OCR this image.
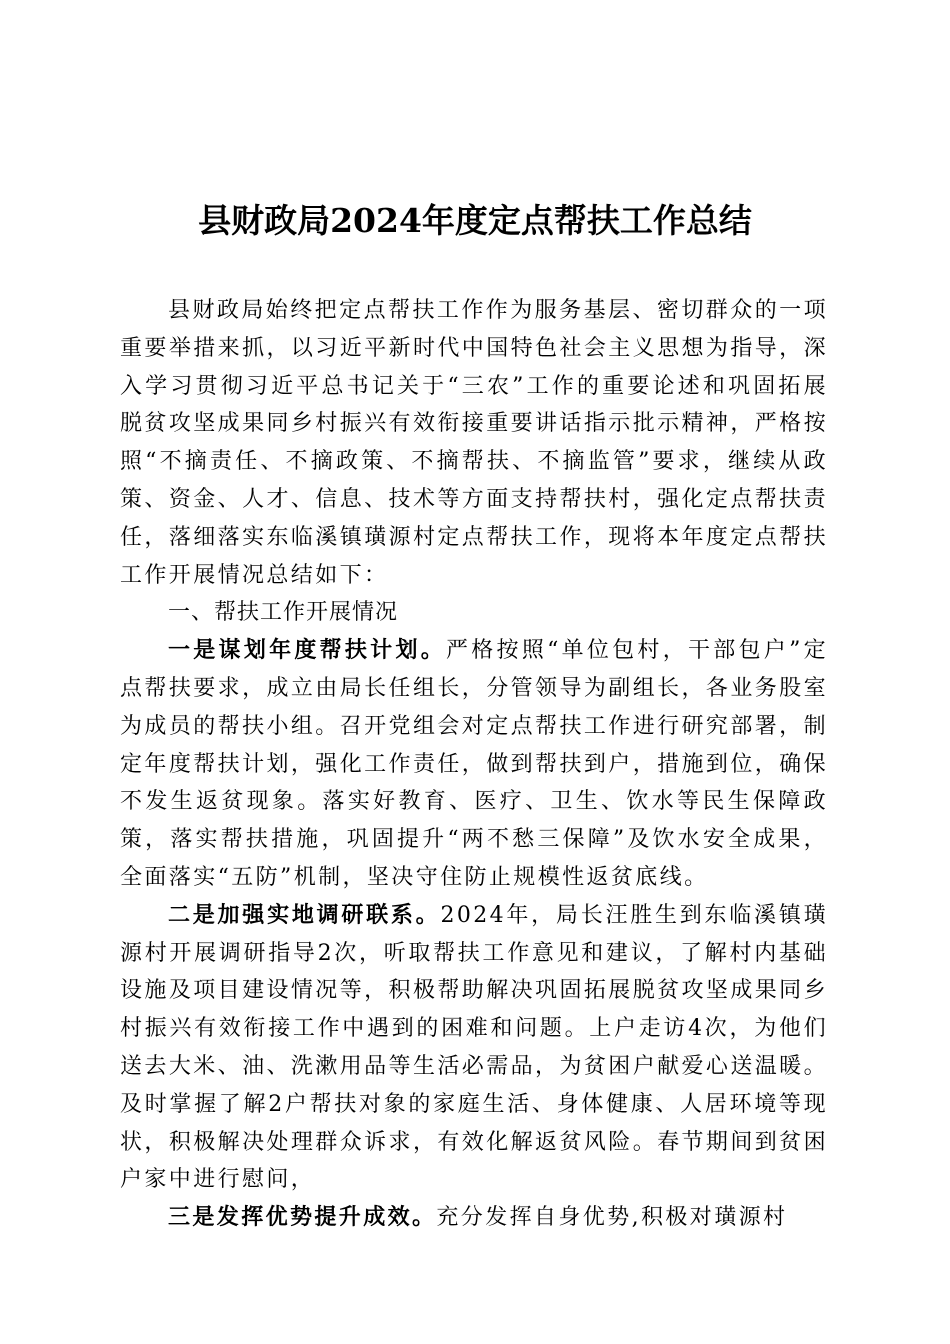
县财政局2024年度定点帮扶工作总结

县财政局始终把定点帮扶工作作为服务基层、密切群众的一项重要举措来抓，以习近平新时代中国特色社会主义思想为指导，深入学习贯彻习近平总书记关于“三农”工作的重要论述和巩固拓展脱贫攻坚成果同乡村振兴有效衔接重要讲话指示批示精神，严格按照“不摘责任、不摘政策、不摘帮扶、不摘监管”要求，继续从政策、资金、人才、信息、技术等方面支持帮扶村，强化定点帮扶责任，落细落实东临溪镇璜源村定点帮扶工作，现将本年度定点帮扶工作开展情况总结如下：

一、帮扶工作开展情况

一是谋划年度帮扶计划。严格按照“单位包村，干部包户”定点帮扶要求，成立由局长任组长，分管领导为副组长，各业务股室为成员的帮扶小组。召开党组会对定点帮扶工作进行研究部署，制定年度帮扶计划，强化工作责任，做到帮扶到户，措施到位，确保不发生返贫现象。落实好教育、医疗、卫生、饮水等民生保障政策，落实帮扶措施，巩固提升“两不愁三保障”及饮水安全成果，全面落实“五防”机制，坚决守住防止规模性返贫底线。

二是加强实地调研联系。2024年，局长汪胜生到东临溪镇璜源村开展调研指导2次，听取帮扶工作意见和建议，了解村内基础设施及项目建设情况等，积极帮助解决巩固拓展脱贫攻坚成果同乡村振兴有效衔接工作中遇到的困难和问题。上户走访4次，为他们送去大米、油、洗漱用品等生活必需品，为贫困户献爱心送温暖。及时掌握了解2户帮扶对象的家庭生活、身体健康、人居环境等现状，积极解决处理群众诉求，有效化解返贫风险。春节期间到贫困户家中进行慰问，

三是发挥优势提升成效。充分发挥自身优势,积极对璜源村
